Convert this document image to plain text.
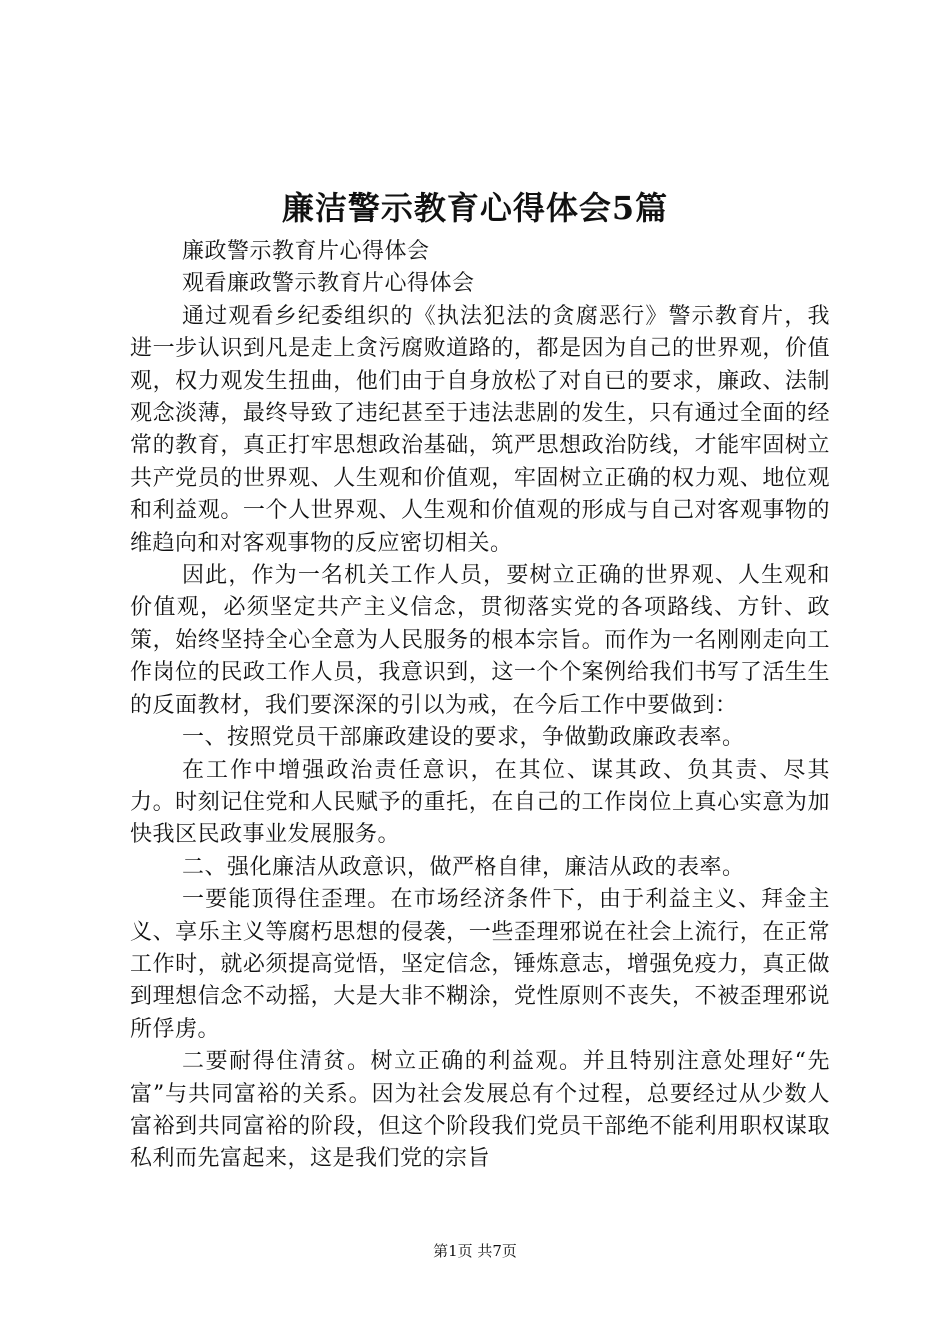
廉洁警示教育心得体会5篇

廉政警示教育片心得体会

观看廉政警示教育片心得体会

通过观看乡纪委组织的《执法犯法的贪腐恶行》警示教育片，我进一步认识到凡是走上贪污腐败道路的，都是因为自己的世界观，价值观，权力观发生扭曲，他们由于自身放松了对自已的要求，廉政、法制观念淡薄，最终导致了违纪甚至于违法悲剧的发生，只有通过全面的经常的教育，真正打牢思想政治基础，筑严思想政治防线，才能牢固树立共产党员的世界观、人生观和价值观，牢固树立正确的权力观、地位观和利益观。一个人世界观、人生观和价值观的形成与自己对客观事物的维趋向和对客观事物的反应密切相关。

因此，作为一名机关工作人员，要树立正确的世界观、人生观和价值观，必须坚定共产主义信念，贯彻落实党的各项路线、方针、政策，始终坚持全心全意为人民服务的根本宗旨。而作为一名刚刚走向工作岗位的民政工作人员，我意识到，这一个个案例给我们书写了活生生的反面教材，我们要深深的引以为戒，在今后工作中要做到：

一、按照党员干部廉政建设的要求，争做勤政廉政表率。

在工作中增强政治责任意识，在其位、谋其政、负其责、尽其力。时刻记住党和人民赋予的重托，在自己的工作岗位上真心实意为加快我区民政事业发展服务。

二、强化廉洁从政意识，做严格自律，廉洁从政的表率。

一要能顶得住歪理。在市场经济条件下，由于利益主义、拜金主义、享乐主义等腐朽思想的侵袭，一些歪理邪说在社会上流行，在正常工作时，就必须提高觉悟，坚定信念，锤炼意志，增强免疫力，真正做到理想信念不动摇，大是大非不糊涂，党性原则不丧失，不被歪理邪说所俘虏。

二要耐得住清贫。树立正确的利益观。并且特别注意处理好“先富”与共同富裕的关系。因为社会发展总有个过程，总要经过从少数人富裕到共同富裕的阶段，但这个阶段我们党员干部绝不能利用职权谋取私利而先富起来，这是我们党的宗旨

第1页 共7页
